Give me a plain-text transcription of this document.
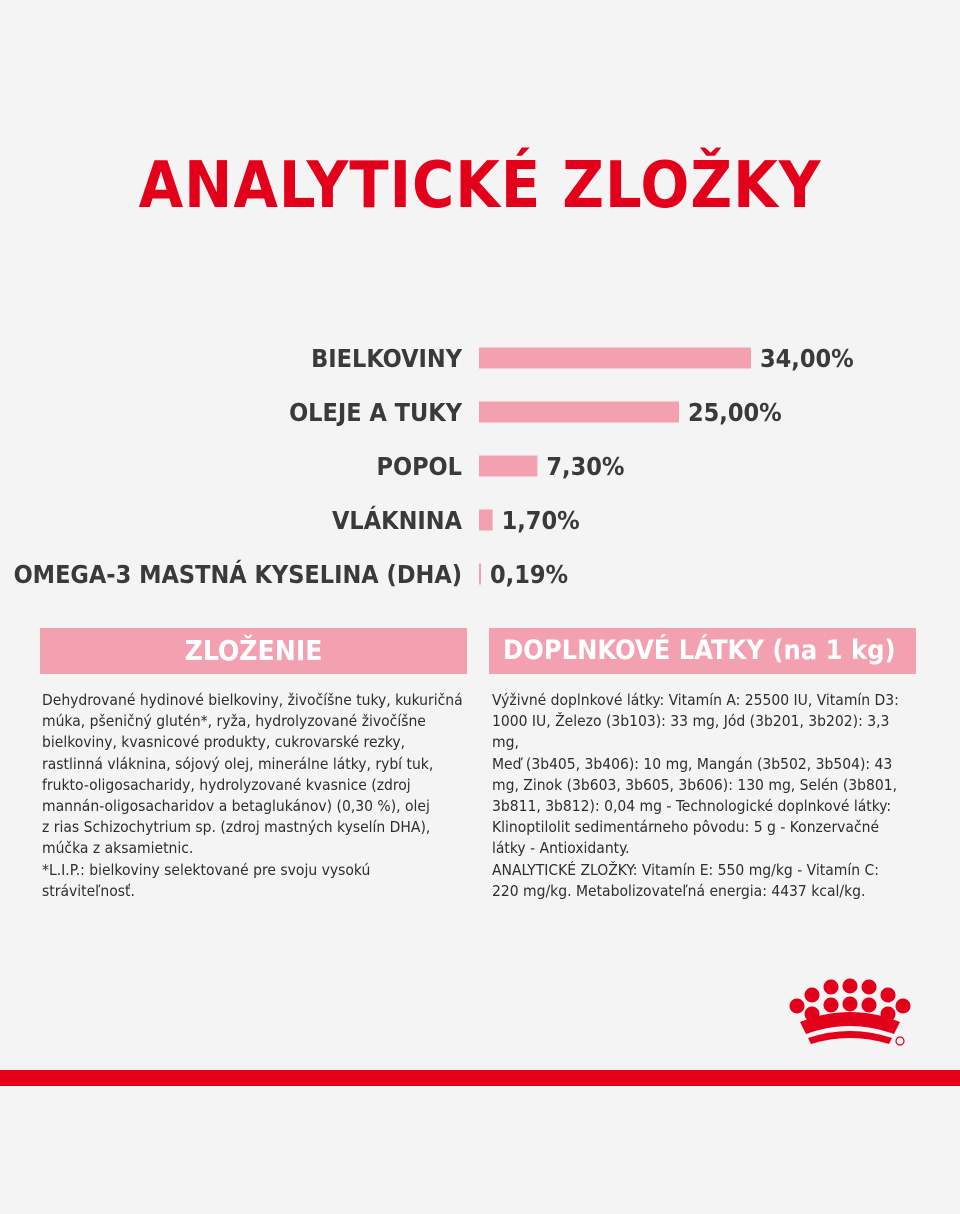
ANALYTICKÉ ZLOŽKY
BIELKOVINY	34,00%
OLEJE A TUKY	25,00%
POPOL	7,30%
VLÁKNINA 1,70%
OMEGA-3 MASTNÁ KYSELINA (DHA) 0,19%
ZLOŽENIE	DOPLNKOVÉ LÁTKY (na 1 kg)

Dehydrované hydinové bielkoviny, živočíšne tuky, kukuričná
múka, pšeničný glutén*, ryža, hydrolyzované živočíšne
bielkoviny, kvasnicové produkty, cukrovarské rezky,
rastlinná vláknina, sójový olej, minerálne látky, rybí tuk,
frukto-oligosacharidy, hydrolyzované kvasnice (zdroj
mannán-oligosacharidov a betaglukánov) (0,30 %), olej
z rias Schizochytrium sp. (zdroj mastných kyselín DHA),
múčka z aksamietnic.
*L.I.P.: bielkoviny selektované pre svoju vysokú
stráviteľnosť.

Výživné doplnkové látky: Vitamín A: 25500 IU, Vitamín D3:
1000 IU, Železo (3b103): 33 mg, Jód (3b201, 3b202): 3,3 mg,
Meď (3b405, 3b406): 10 mg, Mangán (3b502, 3b504): 43
mg, Zinok (3b603, 3b605, 3b606): 130 mg, Selén (3b801,
3b811, 3b812): 0,04 mg - Technologické doplnkové látky:
Klinoptilolit sedimentárneho pôvodu: 5 g - Konzervačné
látky - Antioxidanty.
ANALYTICKÉ ZLOŽKY: Vitamín E: 550 mg/kg - Vitamín C:
220 mg/kg. Metabolizovateľná energia: 4437 kcal/kg.
